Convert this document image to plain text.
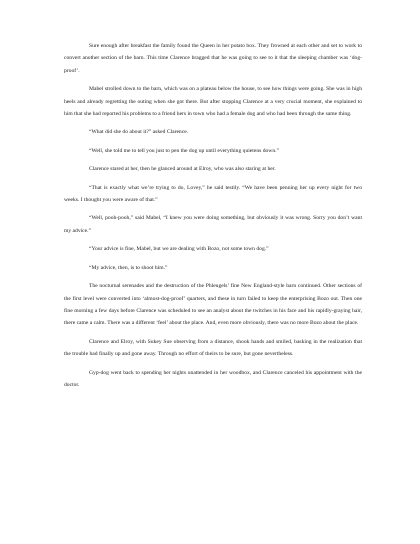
Sure enough after breakfast the family found the Queen in her potato box. They frowned at each other and set to work to convert another section of the barn. This time Clarence bragged that he was going to see to it that the sleeping chamber was ‘dog-proof’.

Mabel strolled down to the barn, which was on a plateau below the house, to see how things were going. She was in high heels and already regretting the outing when she got there. But after stopping Clarence at a very crucial moment, she explained to him that she had reported his problems to a friend hers in town who had a female dog and who had been through the same thing.

“What did she do about it?” asked Clarence.

“Well, she told me to tell you just to pen the dog up until everything quietens down.”

Clarence stared at her, then he glanced around at Elroy, who was also staring at her.

“That is exactly what we’re trying to do, Lovey,” he said testily. “We have been penning her up every night for two weeks. I thought you were aware of that.”

“Well, pooh-pooh,” said Mabel, “I knew you were doing something, but obviously it was wrong. Sorry you don’t want my advice.”

“Your advice is fine, Mabel, but we are dealing with Bozo, not some town dog.”

“My advice, then, is to shoot him.”

The nocturnal serenades and the destruction of the Phleugels’ fine New England-style barn continued. Other sections of the first level were converted into ‘almost-dog-proof’ quarters, and these in turn failed to keep the enterprising Bozo out. Then one fine morning a few days before Clarence was scheduled to see an analyst about the twitches in his face and his rapidly-graying hair, there came a calm. There was a different ‘feel’ about the place. And, even more obviously, there was no more Bozo about the place.

Clarence and Elroy, with Sukey Sue observing from a distance, shook hands and smiled, basking in the realization that the trouble had finally up and gone away. Through no effort of theirs to be sure, but gone nevertheless.

Gyp-dog went back to spending her nights unattended in her woodbox, and Clarence canceled his appointment with the doctor.
